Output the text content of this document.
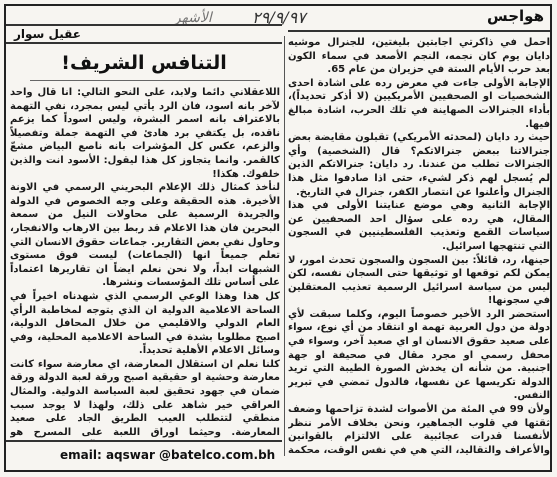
هواجس
٢٩/٩/٩٧
الأشهر
عقيل سوار
التنافس الشريف!

احمل في ذاكرتي اجابتين بليغتين، للجنرال موشيه دايان يوم كان نجمه، النجم الأصعد في سماء الكون بعد حرب الأيام الستة في حزيران من عام 65.

الإجابة الأولى جاءت في معرض رده على اشادة احدى الشخصيات او الصحفيين الأمريكيين (لا أذكر تحديداً)، بأداء الجنرالات الصهاينة في تلك الحرب، اشادة مبالغ فيها.

حيث رد دايان (لمحدثه الأمريكي) تقبلون مقايضة بعض جنرالاتنا ببعض جنرالاتكم؟ قال (الشخصية) وأي الجنرالات تطلب من عندنا. رد دايان: جنرالاتكم الذين لم يُسجل لهم ذكر لشيء، حتى اذا صادفوا مثل هذا الجنرال وأعلنوا عن انتصار الكفر، جنرال في التاريخ.

الإجابة الثانية وهي موضع عنايتنا الأولى في هذا المقال، هي رده على سؤال احد الصحفيين عن سياسات القمع وتعذيب الفلسطينيين في السجون التي تنتهجها اسرائيل.

حينها، رد، قائلاً: بين السجون والسجون تحدث امور، لا يمكن لكم توقعها او توثيقها حتى السجان نفسه، لكن ليس من سياسة اسرائيل الرسمية تعذيب المعتقلين في سجونها!

استحضر الرد الأخير خصوصاً اليوم، وكلما سبقت لأي دولة من دول العربية تهمة او انتقاد من أي نوع، سواء على صعيد حقوق الانسان او اي صعيد آخر، وسواء في محفل رسمي او مجرد مقال في صحيفة او جهة اجنبية. من شأنه ان يخدش الصورة الطيبة التي تريد الدولة تكريسها عن نفسها، فالدول تمضي في تبرير النفس.

ولأن 99 في المئة من الأصوات لشدة تزاحمها وضعف ثقتها في قلوب الجماهير، ونحن بخلاف الأمر ننظر لأنفسنا قدرات عجائبية على الالتزام بالقوانين والأعراف والتقاليد، التي هي في نفس الوقت، محكمة

اللاعقلاني دائما ولابد، على النحو التالي: انا قال واحد لآخر بانه اسود، فان الرد يأتي ليس بمجرد، نفي التهمة بالاعتراف بانه اسمر البشرة، وليس اسوداً كما يزعم ناقده، بل يكتفي برد هادئ في التهمة جملة وتفصيلاً والزعم، عكس كل المؤشرات بانه ناصع البياض مشعّ كالقمر. وانما يتجاوز كل هذا ليقول: الأسود انت والذين خلفوك. هكذا!

لنأخذ كمثال ذلك الإعلام البحريني الرسمي في الاونة الأخيرة. هذه الحقيقة وعلى وجه الخصوص في الدولة والجريدة الرسمية على محاولات النيل من سمعة البحرين فان هذا الاعلام قد ربط بين الارهاب والانفجار، وحاول نفي بعض التقارير. جماعات حقوق الانسان التي تعلم جميعاً انها (الجماعات) ليست فوق مستوى الشبهات ابداً، ولا نحن نعلم ايضاً ان تقاريرها اعتماداً على أساس تلك المؤسسات ونشرها.

كل هذا وهذا الوعي الرسمي الذي شهدناه اخيراً في الساحة الاعلامية الدولية ان الذي يتوجه لمخاطبة الرأي العام الدولي والاقليمي من خلال المحافل الدولية، اصبح مطلوبا بشدة في الساحة الاعلامية المحلية، وفي وسائل الاعلام الأهلية تحديداً.

كلنا نعلم ان استقلال المعارضة، اي معارضة سواء كانت معارضة وحشية او حقيقية اصبح ورقة لعبة الدولة ورقة ضمان في جهود تحقيق لعبة السياسة الدولية. والمثال العراقي خير شاهد على ذلك، ولهذا لا يوجد سبب منطقي لتتطلب العيب الطريق الجاد على صعيد المعارضة. وحيثما اوراق اللعبة على المسرح هو

email: aqswar @batelco.com.bh
